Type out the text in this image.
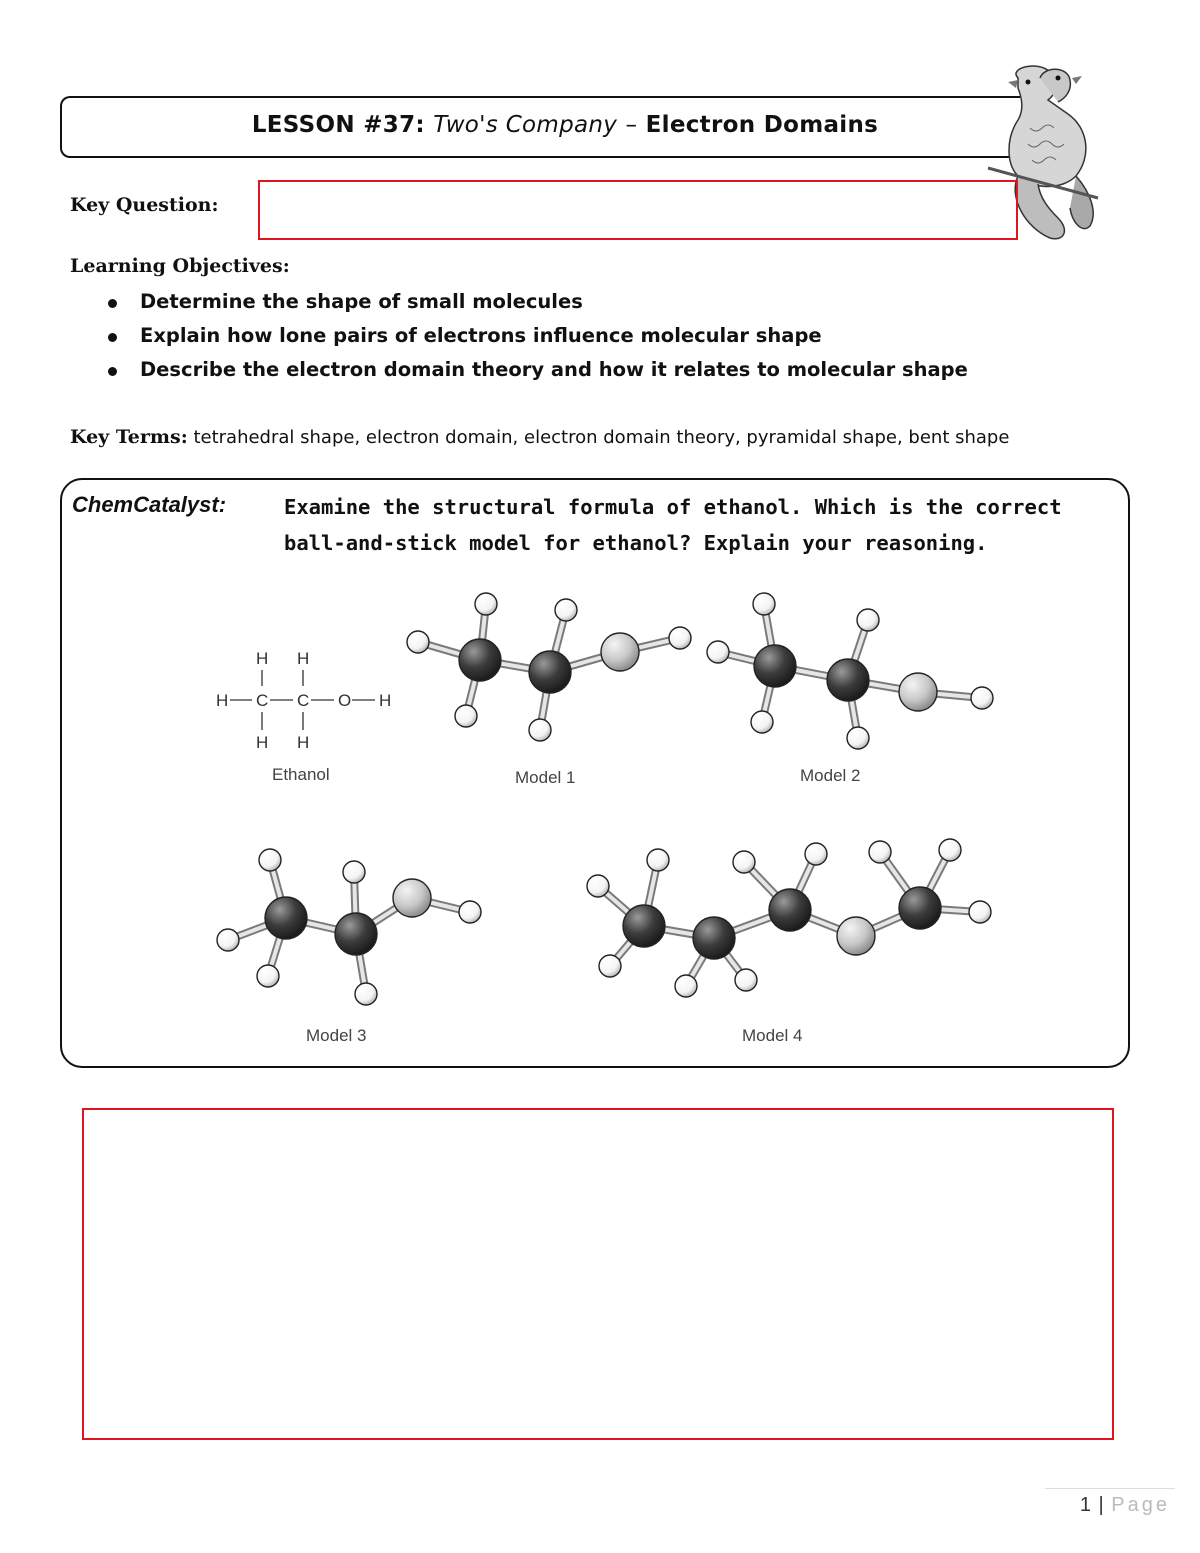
LESSON #37: Two's Company – Electron Domains
Key Question:
Learning Objectives:
Determine the shape of small molecules
Explain how lone pairs of electrons influence molecular shape
Describe the electron domain theory and how it relates to molecular shape
Key Terms: tetrahedral shape, electron domain, electron domain theory, pyramidal shape, bent shape
ChemCatalyst:	Examine the structural formula of ethanol. Which is the correct ball-and-stick model for ethanol? Explain your reasoning.
H H
H C C O H
H H
Ethanol	Model 1	Model 2
Model 3	Model 4
1 | Page
